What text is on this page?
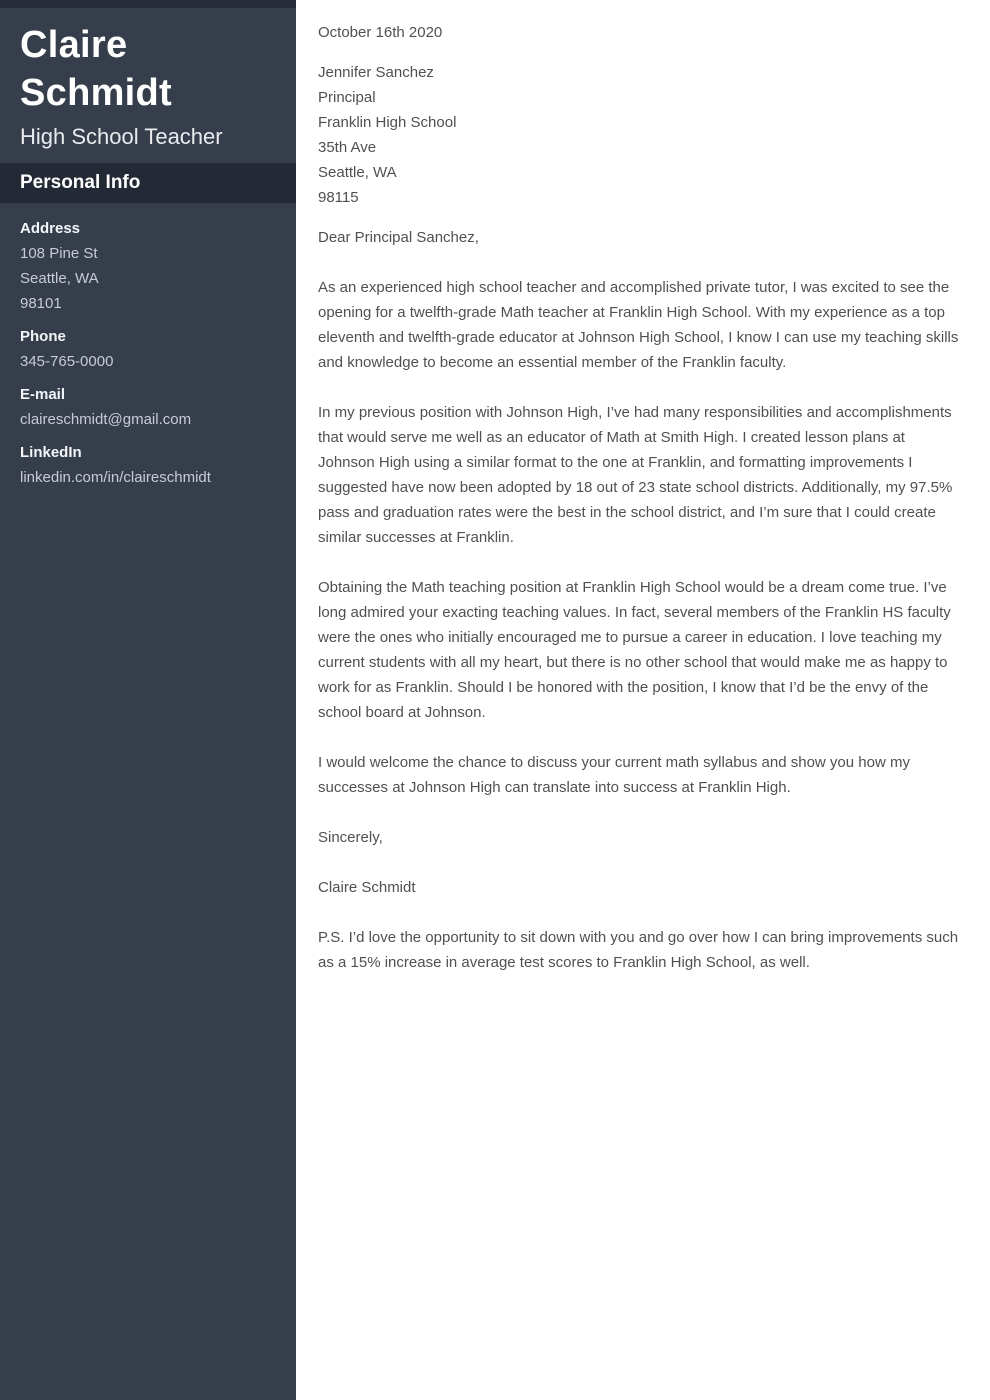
Claire Schmidt
High School Teacher
Personal Info
Address
108 Pine St
Seattle, WA
98101
Phone
345-765-0000
E-mail
claireschmidt@gmail.com
LinkedIn
linkedin.com/in/claireschmidt

October 16th 2020

Jennifer Sanchez
Principal
Franklin High School
35th Ave
Seattle, WA
98115

Dear Principal Sanchez,

As an experienced high school teacher and accomplished private tutor, I was excited to see the opening for a twelfth-grade Math teacher at Franklin High School. With my experience as a top eleventh and twelfth-grade educator at Johnson High School, I know I can use my teaching skills and knowledge to become an essential member of the Franklin faculty.

In my previous position with Johnson High, I’ve had many responsibilities and accomplishments that would serve me well as an educator of Math at Smith High. I created lesson plans at Johnson High using a similar format to the one at Franklin, and formatting improvements I suggested have now been adopted by 18 out of 23 state school districts. Additionally, my 97.5% pass and graduation rates were the best in the school district, and I’m sure that I could create similar successes at Franklin.

Obtaining the Math teaching position at Franklin High School would be a dream come true. I’ve long admired your exacting teaching values. In fact, several members of the Franklin HS faculty were the ones who initially encouraged me to pursue a career in education. I love teaching my current students with all my heart, but there is no other school that would make me as happy to work for as Franklin. Should I be honored with the position, I know that I’d be the envy of the school board at Johnson.

I would welcome the chance to discuss your current math syllabus and show you how my successes at Johnson High can translate into success at Franklin High.

Sincerely,

Claire Schmidt

P.S. I’d love the opportunity to sit down with you and go over how I can bring improvements such as a 15% increase in average test scores to Franklin High School, as well.
